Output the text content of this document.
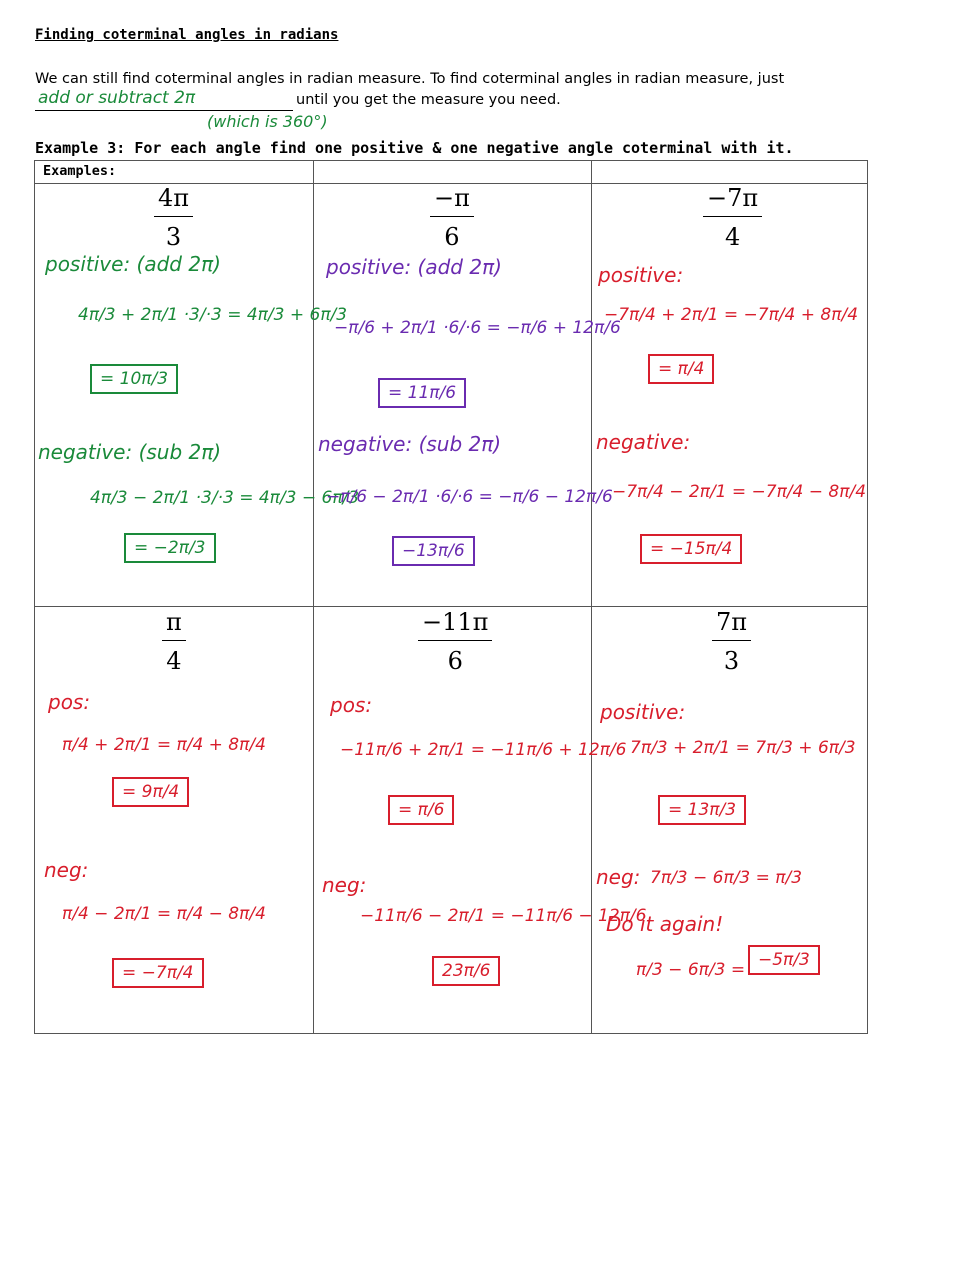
Finding coterminal angles in radians
We can still find coterminal angles in radian measure. To find coterminal angles in radian measure, just
add or subtract 2π	until you get the measure you need.
(which is 360°)
Example 3: For each angle find one positive & one negative angle coterminal with it.
Examples:
4π
3
positive: (add 2π)
4π/3 + 2π/1 ·3/·3 = 4π/3 + 6π/3
= 10π/3
negative: (sub 2π)
4π/3 − 2π/1 ·3/·3 = 4π/3 − 6π/3
= −2π/3
−π
6
positive: (add 2π)
−π/6 + 2π/1 ·6/·6 = −π/6 + 12π/6
= 11π/6
negative: (sub 2π)
−π/6 − 2π/1 ·6/·6 = −π/6 − 12π/6
−13π/6
−7π
4
positive:
−7π/4 + 2π/1 = −7π/4 + 8π/4
= π/4
negative:
−7π/4 − 2π/1 = −7π/4 − 8π/4
= −15π/4
π
4
pos:
π/4 + 2π/1 = π/4 + 8π/4
= 9π/4
neg:
π/4 − 2π/1 = π/4 − 8π/4
= −7π/4
−11π
6
pos:
−11π/6 + 2π/1 = −11π/6 + 12π/6
= π/6
neg:
−11π/6 − 2π/1 = −11π/6 − 12π/6
23π/6
7π
3
positive:
7π/3 + 2π/1 = 7π/3 + 6π/3
= 13π/3
neg: 7π/3 − 6π/3 = π/3
Do it again!
π/3 − 6π/3 = −5π/3
